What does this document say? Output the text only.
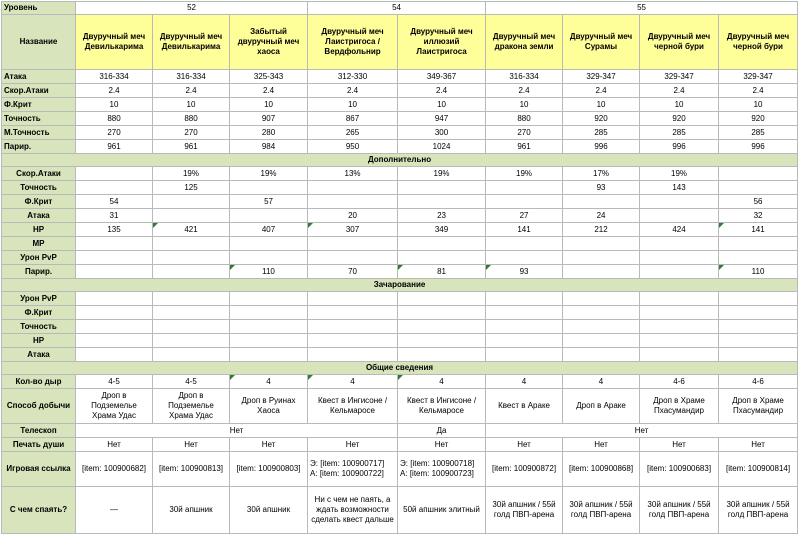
Уровень	52			54		55			
Название	Двуручный меч Девилькарима	Двуручный меч Девилькарима	Забытый двуручный меч хаоса	Двуручный меч Лаистригоса / Вердфольнир	Двуручный меч иллюзий Лаистригоса	Двуручный меч дракона земли	Двуручный меч Сурамы	Двуручный меч черной бури	Двуручный меч черной бури
Атака	316-334	316-334	325-343	312-330	349-367	316-334	329-347	329-347	329-347
Скор.Атаки	2.4	2.4	2.4	2.4	2.4	2.4	2.4	2.4	2.4
Ф.Крит	10	10	10	10	10	10	10	10	10
Точность	880	880	907	867	947	880	920	920	920
М.Точность	270	270	280	265	300	270	285	285	285
Парир.	961	961	984	950	1024	961	996	996	996
Дополнительно									
Скор.Атаки		19%	19%	13%	19%	19%	17%	19%	
Точность		125					93	143	
Ф.Крит	54		57						56
Атака	31			20	23	27	24		32
HP	135	421	407	307	349	141	212	424	141
MP									
Урон PvP									
Парир.			110	70	81	93			110
Зачарование									
Урон PvP									
Ф.Крит									
Точность									
HP									
Атака									
Общие сведения									
Кол-во дыр	4-5	4-5	4	4	4	4	4	4-6	4-6
Способ добычи	Дроп в Подземелье Храма Удас	Дроп в Подземелье Храма Удас	Дроп в Руинах Хаоса	Квест в Ингисоне / Кельмаросе	Квест в Ингисоне / Кельмаросе	Квест в Араке	Дроп в Араке	Дроп в Храме Пхасумандир	Дроп в Храме Пхасумандир
Телескоп	Нет				Да	Нет			
Печать души	Нет	Нет	Нет	Нет	Нет	Нет	Нет	Нет	Нет
Игровая ссылка	[item: 100900682]	[item: 100900813]	[item: 100900803]	Э: [item: 100900717]
А: [item: 100900722]	Э: [item: 100900718]
А: [item: 100900723]	[item: 100900872]	[item: 100900868]	[item: 100900683]	[item: 100900814]
С чем спаять?	—	30й апшник	30й апшник	Ни с чем не паять, а ждать возможности сделать квест дальше	50й апшник элитный	30й апшник / 55й голд ПВП-арена	30й апшник / 55й голд ПВП-арена	30й апшник / 55й голд ПВП-арена	30й апшник / 55й голд ПВП-арена
